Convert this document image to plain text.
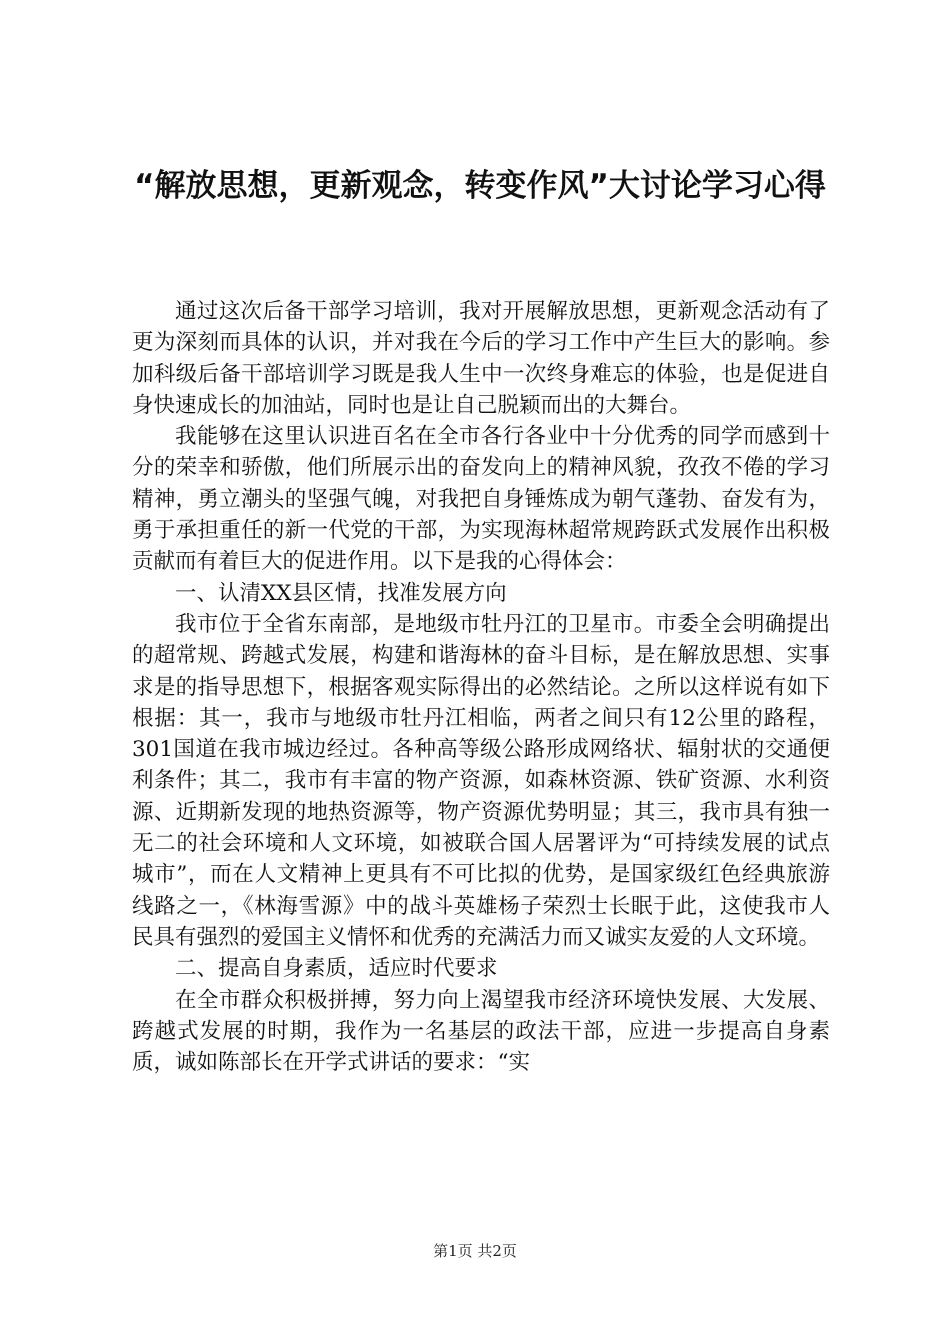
“解放思想，更新观念，转变作风”大讨论学习心得

通过这次后备干部学习培训，我对开展解放思想，更新观念活动有了更为深刻而具体的认识，并对我在今后的学习工作中产生巨大的影响。参加科级后备干部培训学习既是我人生中一次终身难忘的体验，也是促进自身快速成长的加油站，同时也是让自己脱颖而出的大舞台。

我能够在这里认识进百名在全市各行各业中十分优秀的同学而感到十分的荣幸和骄傲，他们所展示出的奋发向上的精神风貌，孜孜不倦的学习精神，勇立潮头的坚强气魄，对我把自身锤炼成为朝气蓬勃、奋发有为，勇于承担重任的新一代党的干部，为实现海林超常规跨跃式发展作出积极贡献而有着巨大的促进作用。以下是我的心得体会：

一、认清XX县区情，找准发展方向

我市位于全省东南部，是地级市牡丹江的卫星市。市委全会明确提出的超常规、跨越式发展，构建和谐海林的奋斗目标，是在解放思想、实事求是的指导思想下，根据客观实际得出的必然结论。之所以这样说有如下根据：其一，我市与地级市牡丹江相临，两者之间只有12公里的路程，301国道在我市城边经过。各种高等级公路形成网络状、辐射状的交通便利条件；其二，我市有丰富的物产资源，如森林资源、铁矿资源、水利资源、近期新发现的地热资源等，物产资源优势明显；其三，我市具有独一无二的社会环境和人文环境，如被联合国人居署评为“可持续发展的试点城市”，而在人文精神上更具有不可比拟的优势，是国家级红色经典旅游线路之一，《林海雪源》中的战斗英雄杨子荣烈士长眠于此，这使我市人民具有强烈的爱国主义情怀和优秀的充满活力而又诚实友爱的人文环境。

二、提高自身素质，适应时代要求

在全市群众积极拼搏，努力向上渴望我市经济环境快发展、大发展、跨越式发展的时期，我作为一名基层的政法干部，应进一步提高自身素质，诚如陈部长在开学式讲话的要求：“实

第1页 共2页
